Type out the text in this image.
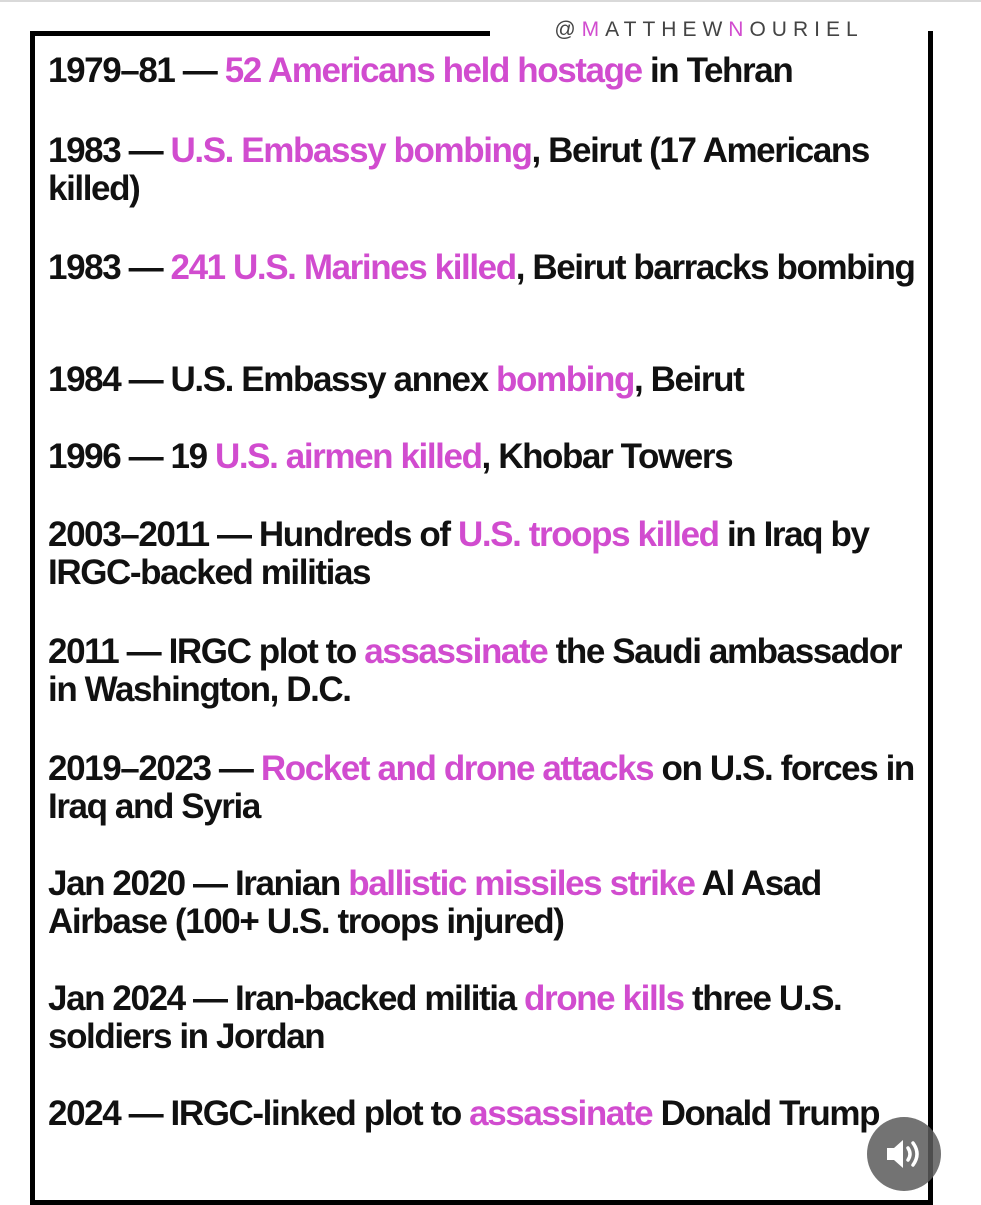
@MATTHEWNOURIEL
1979–81 — 52 Americans held hostage in Tehran
1983 — U.S. Embassy bombing, Beirut (17 Americans killed)
1983 — 241 U.S. Marines killed, Beirut barracks bombing
1984 — U.S. Embassy annex bombing, Beirut
1996 — 19 U.S. airmen killed, Khobar Towers
2003–2011 — Hundreds of U.S. troops killed in Iraq by IRGC-backed militias
2011 — IRGC plot to assassinate the Saudi ambassador in Washington, D.C.
2019–2023 — Rocket and drone attacks on U.S. forces in Iraq and Syria
Jan 2020 — Iranian ballistic missiles strike Al Asad Airbase (100+ U.S. troops injured)
Jan 2024 — Iran-backed militia drone kills three U.S. soldiers in Jordan
2024 — IRGC-linked plot to assassinate Donald Trump
